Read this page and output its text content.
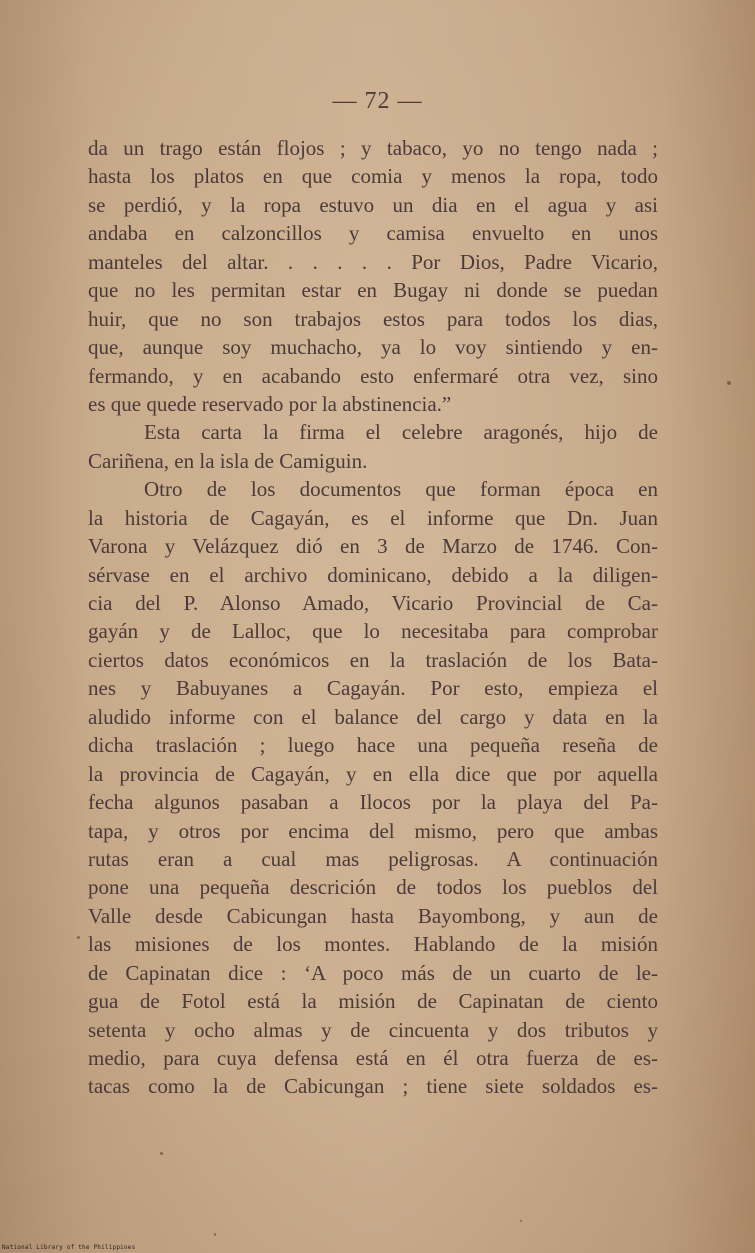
— 72 —
da un trago están flojos ; y tabaco, yo no tengo nada ;
hasta los platos en que comia y menos la ropa, todo
se perdió, y la ropa estuvo un dia en el agua y asi
andaba en calzoncillos y camisa envuelto en unos
manteles del altar. . . . . . Por Dios, Padre Vicario,
que no les permitan estar en Bugay ni donde se puedan
huir, que no son trabajos estos para todos los dias,
que, aunque soy muchacho, ya lo voy sintiendo y en-
fermando, y en acabando esto enfermaré otra vez, sino
es que quede reservado por la abstinencia.”
Esta carta la firma el celebre aragonés, hijo de
Cariñena, en la isla de Camiguin.
Otro de los documentos que forman época en
la historia de Cagayán, es el informe que Dn. Juan
Varona y Velázquez dió en 3 de Marzo de 1746. Con-
sérvase en el archivo dominicano, debido a la diligen-
cia del P. Alonso Amado, Vicario Provincial de Ca-
gayán y de Lalloc, que lo necesitaba para comprobar
ciertos datos económicos en la traslación de los Bata-
nes y Babuyanes a Cagayán. Por esto, empieza el
aludido informe con el balance del cargo y data en la
dicha traslación ; luego hace una pequeña reseña de
la provincia de Cagayán, y en ella dice que por aquella
fecha algunos pasaban a Ilocos por la playa del Pa-
tapa, y otros por encima del mismo, pero que ambas
rutas eran a cual mas peligrosas. A continuación
pone una pequeña descrición de todos los pueblos del
Valle desde Cabicungan hasta Bayombong, y aun de
las misiones de los montes. Hablando de la misión
de Capinatan dice : ‘A poco más de un cuarto de le-
gua de Fotol está la misión de Capinatan de ciento
setenta y ocho almas y de cincuenta y dos tributos y
medio, para cuya defensa está en él otra fuerza de es-
tacas como la de Cabicungan ; tiene siete soldados es-
National Library of the Philippines
